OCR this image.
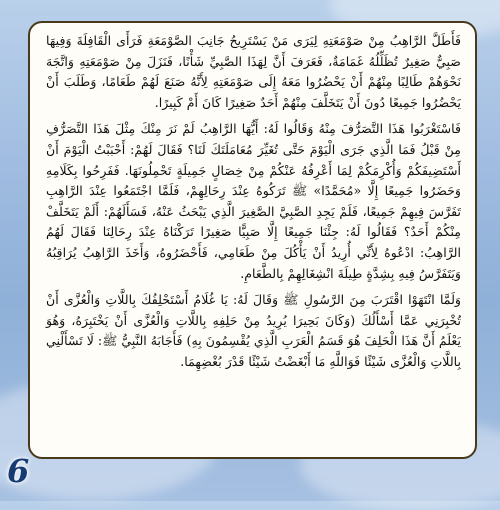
فَأَطَلَّ الرَّاهِبُ مِنْ صَوْمَعَتِهِ لِيَرَى مَنْ يَسْتَرِيحُ جَانِبَ الصَّوْمَعَةِ فَرَأَى الْقَافِلَةَ وَفِيهَا صَبِيٌّ صَغِيرٌ تُظَلِّلُهُ غَمَامَةٌ، فَعَرَفَ أَنَّ لِهَذَا الصَّبِيِّ شَأْنًا، فَنَزَلَ مِنْ صَوْمَعَتِهِ وَاتَّجَهَ نَحْوَهُمْ طَالِبًا مِنْهُمْ أَنْ يَحْضُرُوا مَعَهُ إِلَى صَوْمَعَتِهِ لِأَنَّهُ صَنَعَ لَهُمْ طَعَامًا، وَطَلَبَ أَنْ يَحْضُرُوا جَمِيعًا دُونَ أَنْ يَتَخَلَّفَ مِنْهُمْ أَحَدٌ صَغِيرًا كَانَ أَمْ كَبِيرًا.

فَاسْتَغْرَبُوا هَذَا التَّصَرُّفَ مِنْهُ وَقَالُوا لَهُ: أَيُّهَا الرَّاهِبُ لَمْ نَرَ مِنْكَ مِثْلَ هَذَا التَّصَرُّفِ مِنْ قَبْلُ فَمَا الَّذِي جَرَى الْيَوْمَ حَتَّى تُغَيِّرَ مُعَامَلَتَكَ لَنَا؟ فَقَالَ لَهُمْ: أَحْبَبْتُ الْيَوْمَ أَنْ أَسْتَضِيفَكُمْ وَأُكْرِمَكُمْ لِمَا أَعْرِفُهُ عَنْكُمْ مِنْ خِصَالٍ جَمِيلَةٍ تَحْمِلُونَهَا. فَفَرِحُوا بِكَلَامِهِ وَحَضَرُوا جَمِيعًا إِلَّا «مُحَمَّدًا» ﷺ تَرَكُوهُ عِنْدَ رِحَالِهِمْ، فَلَمَّا اجْتَمَعُوا عِنْدَ الرَّاهِبِ تَفَرَّسَ فِيهِمْ جَمِيعًا، فَلَمْ يَجِدِ الصَّبِيَّ الصَّغِيرَ الَّذِي يَبْحَثُ عَنْهُ، فَسَأَلَهُمْ: أَلَمْ يَتَخَلَّفْ مِنْكُمْ أَحَدٌ؟ فَقَالُوا لَهُ: جِئْنَا جَمِيعًا إِلَّا صَبِيًّا صَغِيرًا تَرَكْنَاهُ عِنْدَ رِحَالِنَا فَقَالَ لَهُمُ الرَّاهِبُ: ادْعُوهُ لِأَنِّي أُرِيدُ أَنْ يَأْكُلَ مِنْ طَعَامِي، فَأَحْضَرُوهُ، وَأَخَذَ الرَّاهِبُ يُرَاقِبُهُ وَيَتَفَرَّسُ فِيهِ بِشِدَّةٍ طِيلَةَ انْشِغَالِهِمْ بِالطَّعَامِ.

وَلَمَّا انْتَهَوْا اقْتَرَبَ مِنَ الرَّسُولِ ﷺ وَقَالَ لَهُ: يَا غُلَامُ أَسْتَحْلِفُكَ بِاللَّاتِ وَالْعُزَّى أَنْ تُخْبِرَنِي عَمَّا أَسْأَلُكَ (وَكَانَ بَحِيرَا يُرِيدُ مِنْ حَلِفِهِ بِاللَّاتِ وَالْعُزَّى أَنْ يَخْتَبِرَهُ، وَهُوَ يَعْلَمُ أَنَّ هَذَا الْحَلِفَ هُوَ قَسَمُ الْعَرَبِ الَّذِي يُقْسِمُونَ بِهِ) فَأَجَابَهُ النَّبِيُّ ﷺ: لَا تَسْأَلْنِي بِاللَّاتِ وَالْعُزَّى شَيْئًا فَوَاللَّهِ مَا أَبْغَضْتُ شَيْئًا قَدْرَ بُغْضِهِمَا.

6
